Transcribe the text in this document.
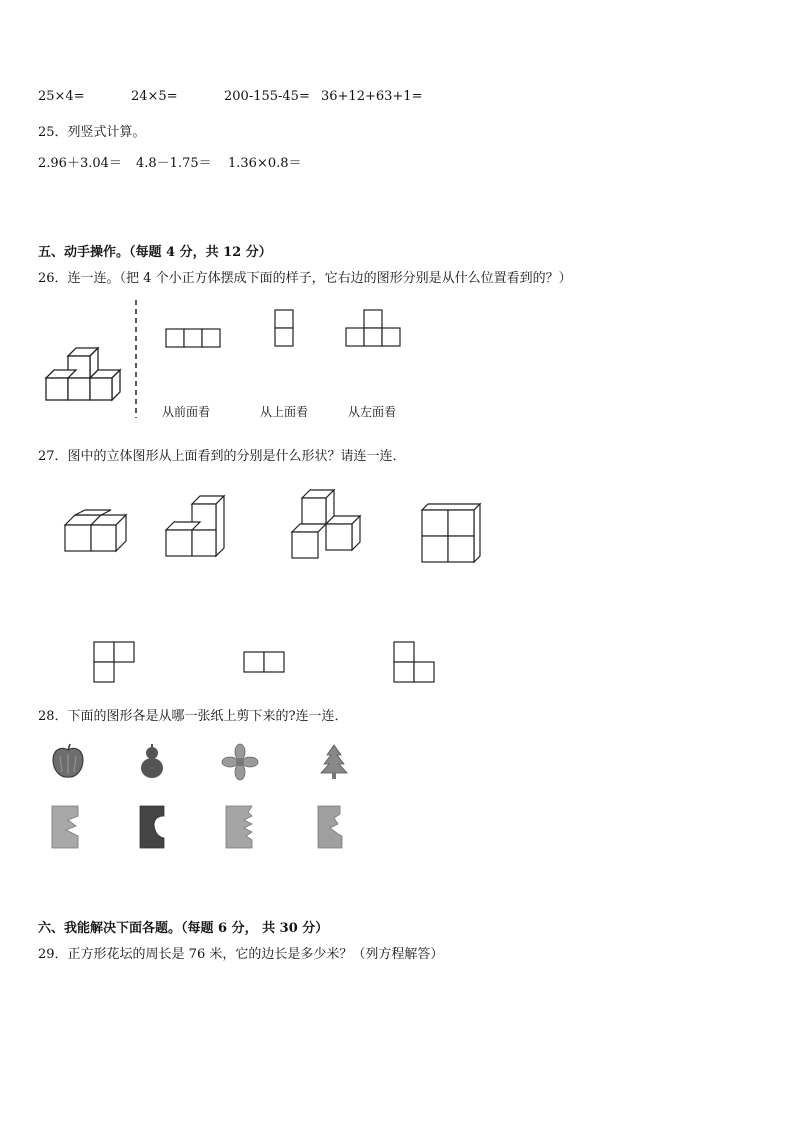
25×4=	24×5=	200-155-45= 36+12+63+1=
25．列竖式计算。
2.96＋3.04＝ 4.8－1.75＝ 1.36×0.8＝
五、动手操作。（每题 4 分，共 12 分）
26．连一连。（把 4 个小正方体摆成下面的样子，它右边的图形分别是从什么位置看到的？）
从前面看	从上面看	从左面看
27．图中的立体图形从上面看到的分别是什么形状？请连一连．
28．下面的图形各是从哪一张纸上剪下来的?连一连．
六、我能解决下面各题。（每题 6 分， 共 30 分）
29．正方形花坛的周长是 76 米，它的边长是多少米？（列方程解答）
